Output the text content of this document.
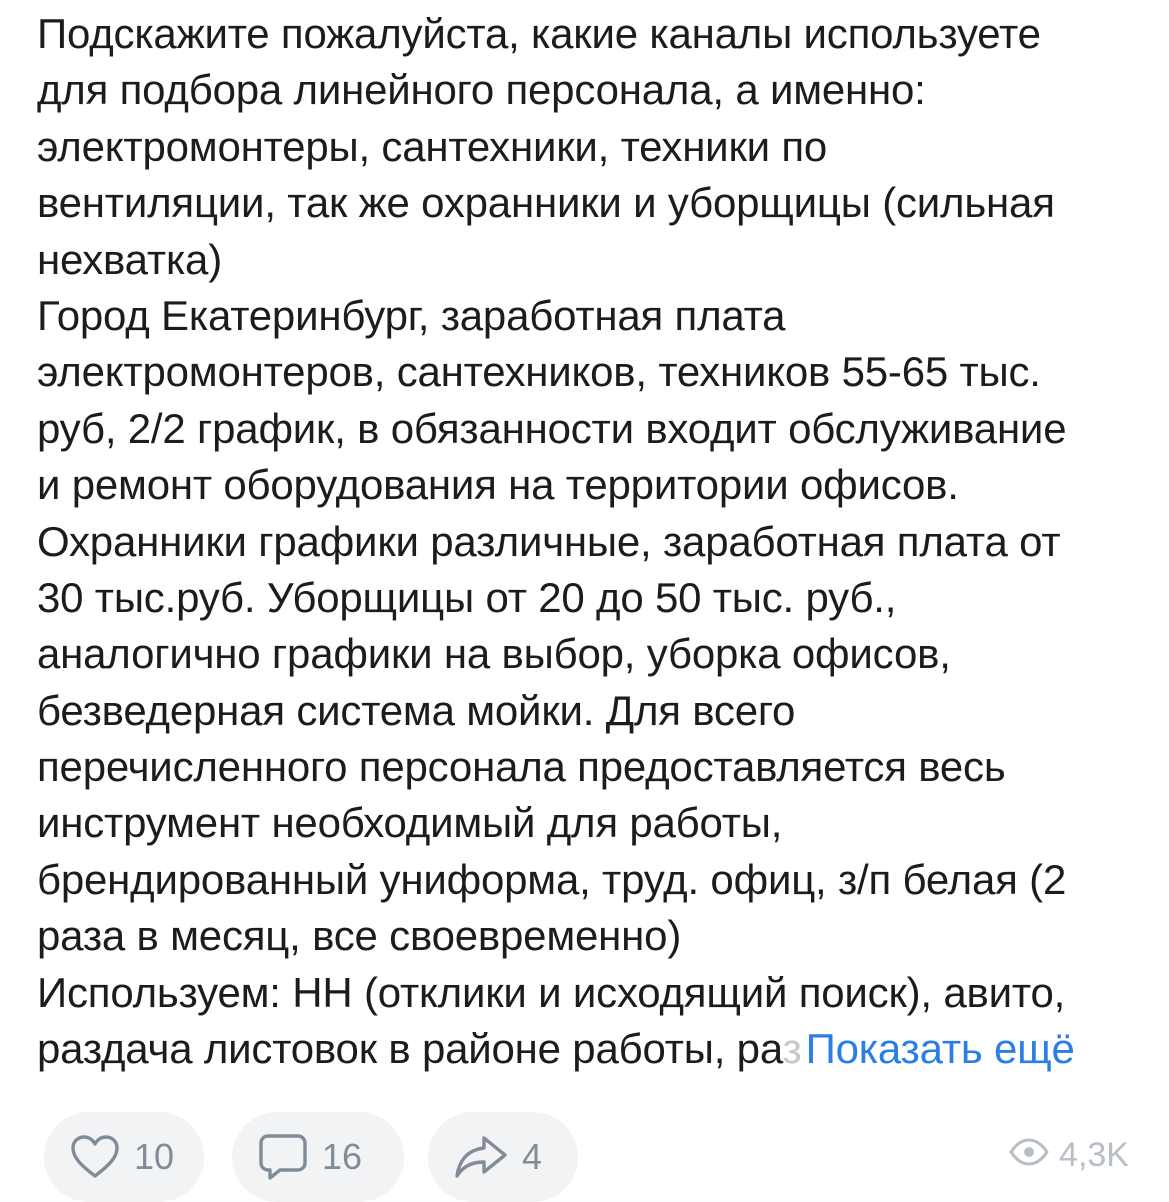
Подскажите пожалуйста, какие каналы используете
для подбора линейного персонала, а именно:
электромонтеры, сантехники, техники по
вентиляции, так же охранники и уборщицы (сильная
нехватка)
Город Екатеринбург, заработная плата
электромонтеров, сантехников, техников 55-65 тыс.
руб, 2/2 график, в обязанности входит обслуживание
и ремонт оборудования на территории офисов.
Охранники графики различные, заработная плата от
30 тыс.руб. Уборщицы от 20 до 50 тыс. руб.,
аналогично графики на выбор, уборка офисов,
безведерная система мойки. Для всего
перечисленного персонала предоставляется весь
инструмент необходимый для работы,
брендированный униформа, труд. офиц, з/п белая (2
раза в месяц, все своевременно)
Используем: НН (отклики и исходящий поиск), авито,
раздача листовок в районе работы, разПоказать ещё
10	16	4	4,3K
